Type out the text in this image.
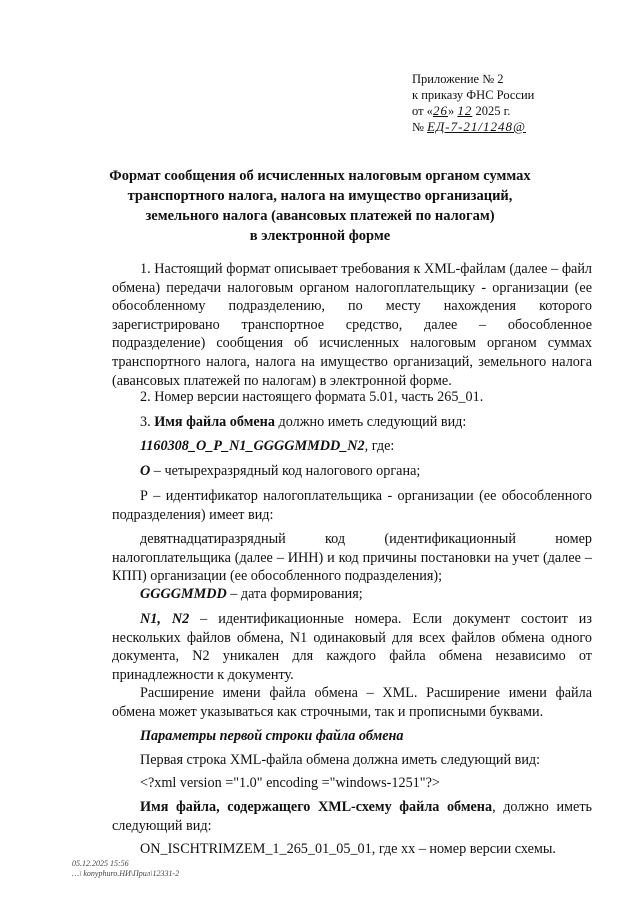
Приложение № 2
к приказу ФНС России
от «26» 12 2025 г.
№ ЕД-7-21/1248@
Формат сообщения об исчисленных налоговым органом суммах
транспортного налога, налога на имущество организаций,
земельного налога (авансовых платежей по налогам)
в электронной форме
1. Настоящий формат описывает требования к XML-файлам (далее – файл обмена) передачи налоговым органом налогоплательщику - организации (ее обособленному подразделению, по месту нахождения которого зарегистрировано транспортное средство, далее – обособленное подразделение) сообщения об исчисленных налоговым органом суммах транспортного налога, налога на имущество организаций, земельного налога (авансовых платежей по налогам) в электронной форме.
2. Номер версии настоящего формата 5.01, часть 265_01.
3. Имя файла обмена должно иметь следующий вид:
1160308_O_P_N1_GGGGMMDD_N2, где:
O – четырехразрядный код налогового органа;
Р – идентификатор налогоплательщика - организации (ее обособленного подразделения) имеет вид:
девятнадцатиразрядный код (идентификационный номер налогоплательщика (далее – ИНН) и код причины постановки на учет (далее – КПП) организации (ее обособленного подразделения);
GGGGMMDD – дата формирования;
N1, N2 – идентификационные номера. Если документ состоит из нескольких файлов обмена, N1 одинаковый для всех файлов обмена одного документа, N2 уникален для каждого файла обмена независимо от принадлежности к документу.
Расширение имени файла обмена – XML. Расширение имени файла обмена может указываться как строчными, так и прописными буквами.
Параметры первой строки файла обмена
Первая строка XML-файла обмена должна иметь следующий вид:
<?xml version ="1.0" encoding ="windows-1251"?>
Имя файла, содержащего XML-схему файла обмена, должно иметь следующий вид:
ON_ISCHTRIMZEM_1_265_01_05_01, где хх – номер версии схемы.
05.12.2025 15:56
…\ konyphuro.НИ\Прил\12331-2
